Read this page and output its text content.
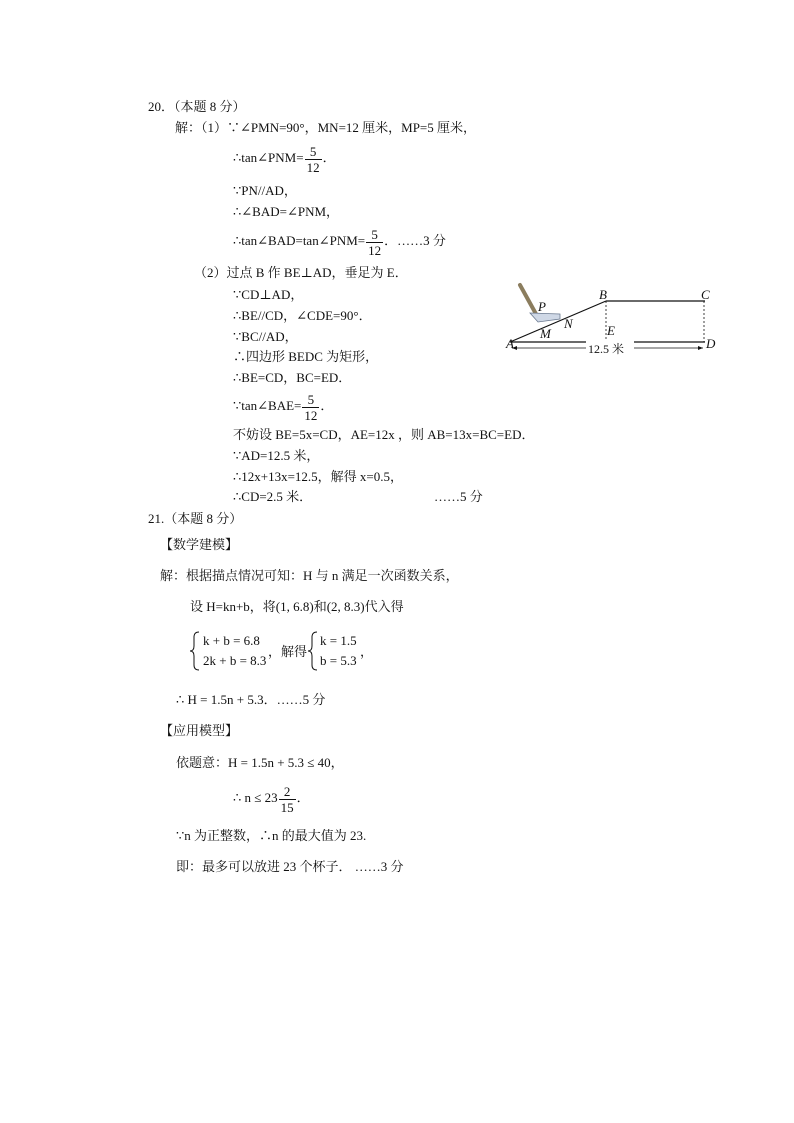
20．（本题 8 分）
解：（1）∵∠PMN=90°，MN=12 厘米，MP=5 厘米，
∴tan∠PNM= $\frac{5}{12}$ ．
∵PN//AD，
∴∠BAD=∠PNM，
∴tan∠BAD=tan∠PNM= $\frac{5}{12}$ ．……3 分
（2）过点 B 作 BE⊥AD，垂足为 E．
∵CD⊥AD，
∴BE//CD，∠CDE=90°．
∵BC//AD，
∴四边形 BEDC 为矩形，
∴BE=CD，BC=ED．
∵tan∠BAE= $\frac{5}{12}$ ．
不妨设 BE=5x=CD，AE=12x ，则 AB=13x=BC=ED．
∵AD=12.5 米，
∴12x+13x=12.5，解得 x=0.5，
∴CD=2.5 米．	……5 分
12.5 米
P
B	C
N
M	E
A	D
21.（本题 8 分）
【数学建模】
解：根据描点情况可知：H 与 n 满足一次函数关系，
设 H=kn+b，将(1, 6.8)和(2, 8.3)代入得
k + b = 6.8
2k + b = 8.3
，解得
k = 1.5
b = 5.3
，
∴ H = 1.5n + 5.3．……5 分
【应用模型】
依题意：H = 1.5n + 5.3 ≤ 40，
∴ $n \le 23 \frac{2}{15}$ ．
∵n 为正整数，∴n 的最大值为 23.
即：最多可以放进 23 个杯子． ……3 分
